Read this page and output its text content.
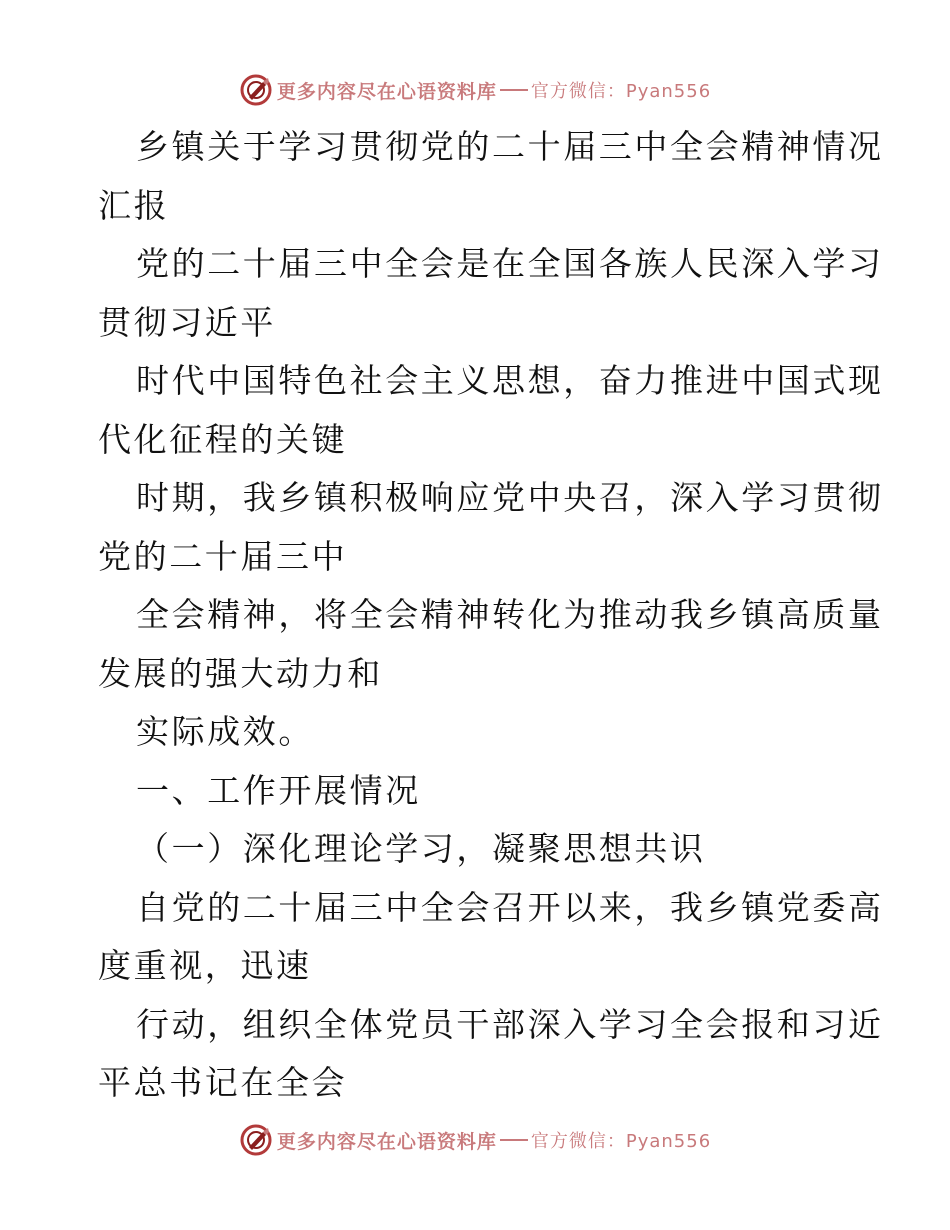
更多内容尽在心语资料库 官方微信：Pyan556
乡镇关于学习贯彻党的二十届三中全会精神情况
汇报
党的二十届三中全会是在全国各族人民深入学习
贯彻习近平
时代中国特色社会主义思想，奋力推进中国式现
代化征程的关键
时期，我乡镇积极响应党中央召，深入学习贯彻
党的二十届三中
全会精神，将全会精神转化为推动我乡镇高质量
发展的强大动力和
实际成效。
一、工作开展情况
（一）深化理论学习，凝聚思想共识
自党的二十届三中全会召开以来，我乡镇党委高
度重视，迅速
行动，组织全体党员干部深入学习全会报和习近
平总书记在全会
更多内容尽在心语资料库 官方微信：Pyan556
